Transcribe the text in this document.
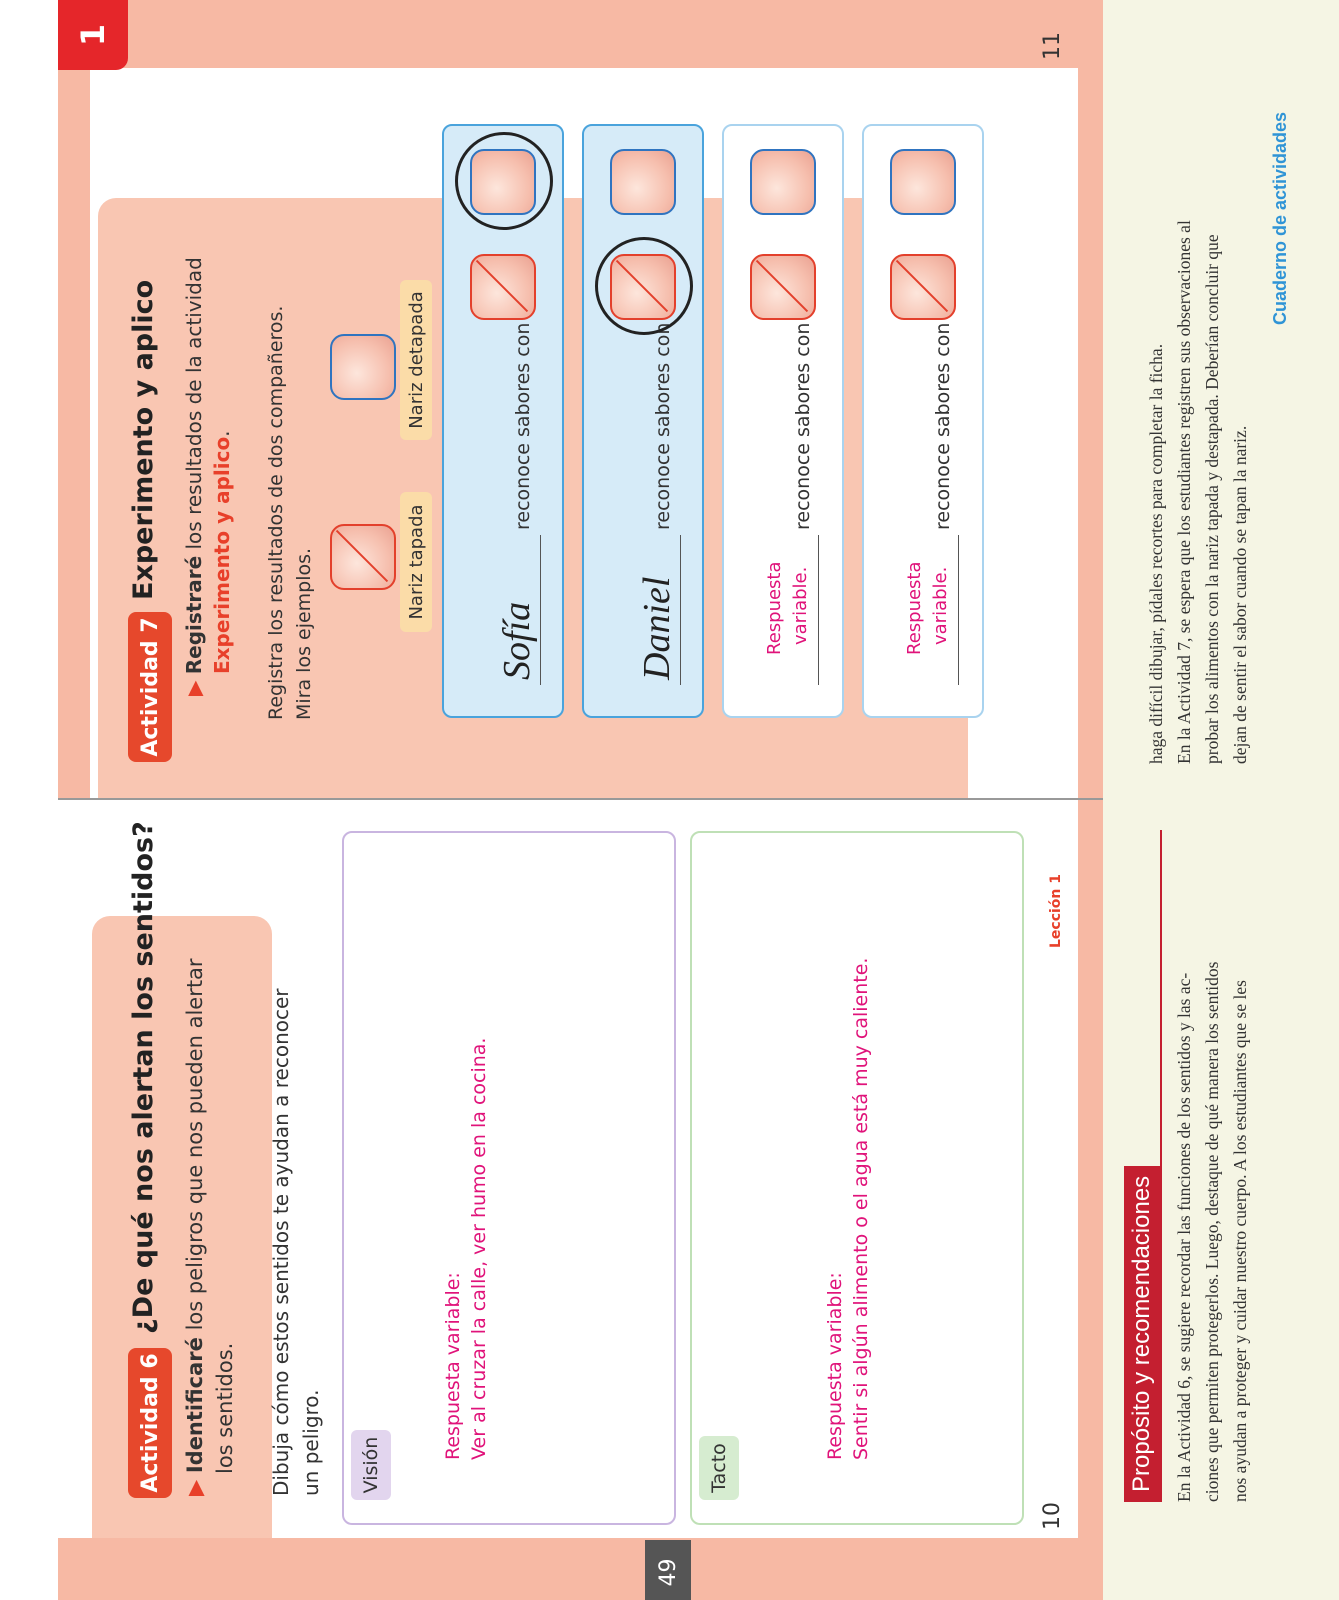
49
Actividad 6
¿De qué nos alertan los sentidos?
▶ Identificaré los peligros que nos pueden alertar
los sentidos. Dibuja cómo estos sentidos te ayudan a reconocer un peligro. Visión
Respuesta variable: Ver al cruzar la calle, ver humo en la cocina.
Tacto
Respuesta variable: Sentir si algún alimento o el agua está muy caliente.
10
Lección 1
1
Actividad 7
Experimento y aplico
▶ Registraré los resultados de la actividad Experimento y aplico. Registra los resultados de dos compañeros. Mira los ejemplos.	Nariz tapada
Nariz detapada
Sofía
reconoce sabores con
Daniel
reconoce sabores con
Respuesta variable.
reconoce sabores con
Respuesta variable.
reconoce sabores con
11
Propósito y recomendaciones En la Actividad 6, se sugiere recordar las funciones de los sentidos y las ac- ciones que permiten protegerlos. Luego, destaque de qué manera los sentidos nos ayudan a proteger y cuidar nuestro cuerpo. A los estudiantes que se les
haga difícil dibujar, pídales recortes para completar la ficha. En la Actividad 7, se espera que los estudiantes registren sus observaciones al probar los alimentos con la nariz tapada y destapada. Deberían concluir que dejan de sentir el sabor cuando se tapan la nariz.
Cuaderno de actividades
